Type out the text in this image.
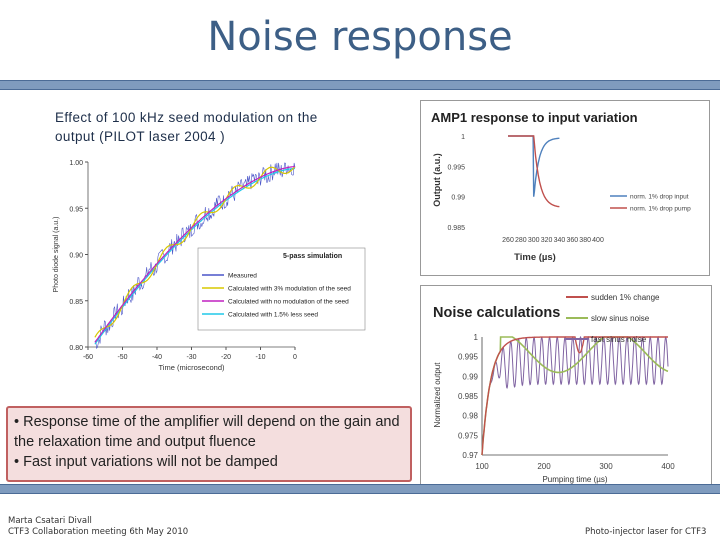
Noise response
Effect of 100 kHz seed modulation on the output (PILOT laser 2004 )
0.80
0.85
0.90
0.95
1.00
-60	-50	-40	-30	-20	-10	0
Time (microsecond)
Photo diode signal (a.u.)	5-pass simulation
Measured
Calculated with 3% modulation of the seed
Calculated with no modulation of the seed
Calculated with 1.5% less seed
AMP1 response to input variation
1
0.995
0.99
0.985
260 280 300 320 340 360 380 400
Time (µs)
Output (a.u.)	norm. 1% drop input
norm. 1% drop pump
Noise calculations
1
0.995
0.99
0.985
0.98
0.975
0.97
100	200	300	400
Pumping time (µs)
Normalized output
sudden 1% change
slow sinus noise
fast sinus noise

• Response time of the amplifier will depend on the gain and the relaxation time and output fluence

• Fast input variations will not be damped

Marta Csatari Divall
CTF3 Collaboration meeting 6th May 2010	Photo-injector laser for CTF3
